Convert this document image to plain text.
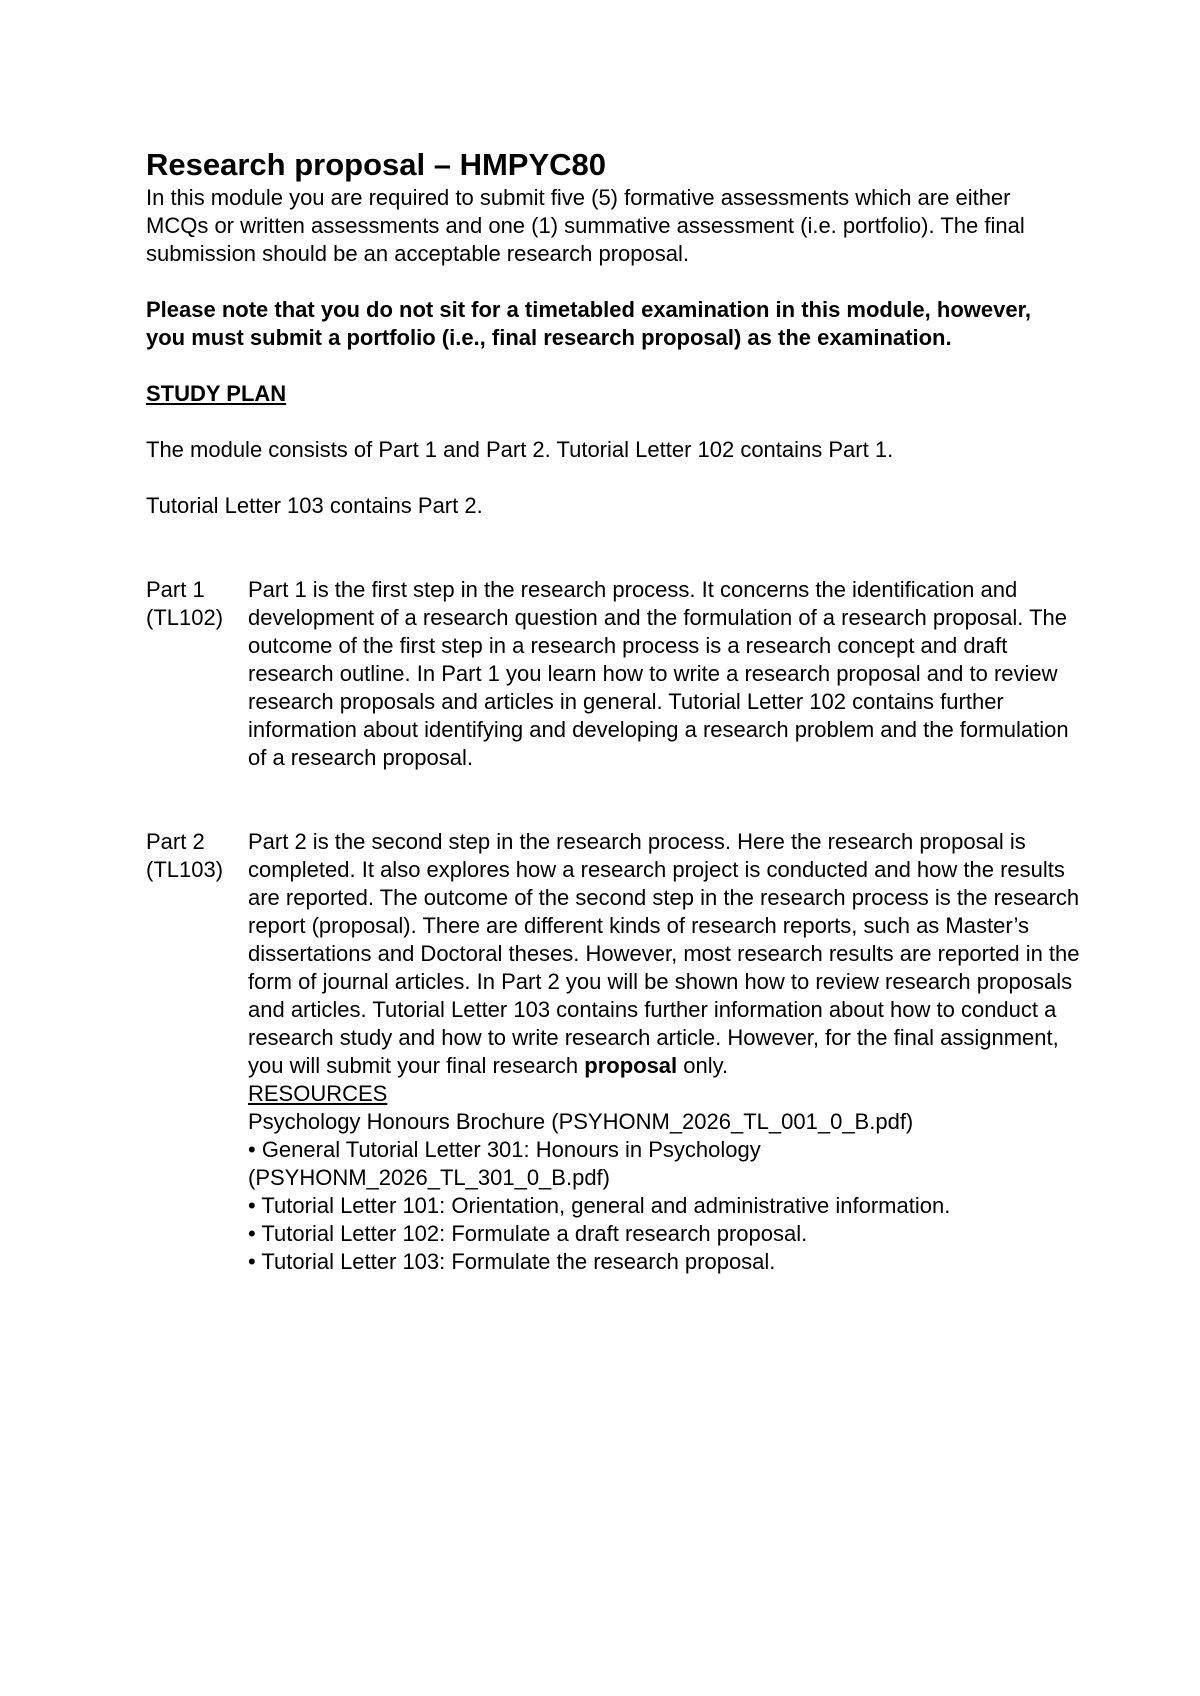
Research proposal – HMPYC80

In this module you are required to submit five (5) formative assessments which are either MCQs or written assessments and one (1) summative assessment (i.e. portfolio). The final submission should be an acceptable research proposal.

Please note that you do not sit for a timetabled examination in this module, however, you must submit a portfolio (i.e., final research proposal) as the examination.

STUDY PLAN

The module consists of Part 1 and Part 2. Tutorial Letter 102 contains Part 1.

Tutorial Letter 103 contains Part 2.

Part 1
(TL102)

Part 1 is the first step in the research process. It concerns the identification and development of a research question and the formulation of a research proposal. The outcome of the first step in a research process is a research concept and draft research outline. In Part 1 you learn how to write a research proposal and to review research proposals and articles in general. Tutorial Letter 102 contains further information about identifying and developing a research problem and the formulation of a research proposal.

Part 2
(TL103)

Part 2 is the second step in the research process. Here the research proposal is completed. It also explores how a research project is conducted and how the results are reported. The outcome of the second step in the research process is the research report (proposal). There are different kinds of research reports, such as Master’s dissertations and Doctoral theses. However, most research results are reported in the form of journal articles. In Part 2 you will be shown how to review research proposals and articles. Tutorial Letter 103 contains further information about how to conduct a research study and how to write research article. However, for the final assignment, you will submit your final research proposal only.

RESOURCES

Psychology Honours Brochure (PSYHONM_2026_TL_001_0_B.pdf)

• General Tutorial Letter 301: Honours in Psychology (PSYHONM_2026_TL_301_0_B.pdf)
• Tutorial Letter 101: Orientation, general and administrative information.
• Tutorial Letter 102: Formulate a draft research proposal.
• Tutorial Letter 103: Formulate the research proposal.
